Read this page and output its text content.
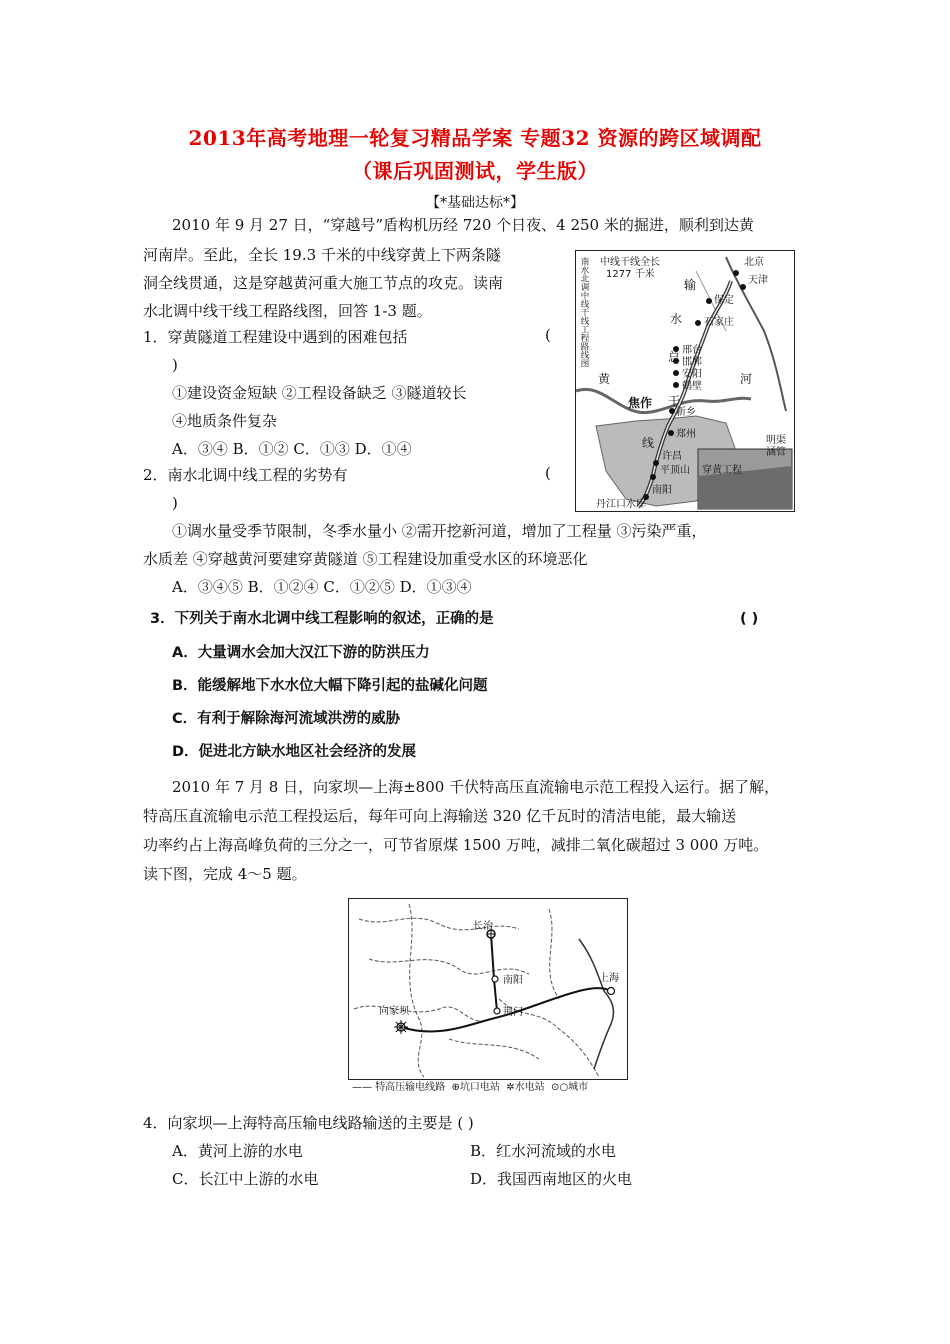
2013年高考地理一轮复习精品学案 专题32 资源的跨区域调配
（课后巩固测试，学生版）
【*基础达标*】
2010 年 9 月 27 日，“穿越号”盾构机历经 720 个日夜、4 250 米的掘进，顺利到达黄
河南岸。至此，全长 19.3 千米的中线穿黄上下两条隧
洞全线贯通，这是穿越黄河重大施工节点的攻克。读南
水北调中线干线工程路线图，回答 1-3 题。
1．穿黄隧道工程建设中遇到的困难包括	(
)
①建设资金短缺 ②工程设备缺乏 ③隧道较长
④地质条件复杂
A．③④ B．①② C．①③ D．①④
2．南水北调中线工程的劣势有	(
)
①调水量受季节限制，冬季水量小 ②需开挖新河道，增加了工程量 ③污染严重，
水质差 ④穿越黄河要建穿黄隧道 ⑤工程建设加重受水区的环境恶化
A．③④⑤ B．①②④ C．①②⑤ D．①③④
南水北调中线干线工程路线图 中线干线全长
1277 千米
北京
天津
保定
石家庄
邢台
邯郸
安阳
鹤壁
新乡
焦作
郑州
许昌
平顶山
南阳
丹江口水库
输
水
总
干
线
黄	河
明渠
涵管
穿黄工程
3．下列关于南水北调中线工程影响的叙述，正确的是	( )
A．大量调水会加大汉江下游的防洪压力
B．能缓解地下水水位大幅下降引起的盐碱化问题
C．有利于解除海河流域洪涝的威胁
D．促进北方缺水地区社会经济的发展
2010 年 7 月 8 日，向家坝—上海±800 千伏特高压直流输电示范工程投入运行。据了解，
特高压直流输电示范工程投运后，每年可向上海输送 320 亿千瓦时的清洁电能，最大输送
功率约占上海高峰负荷的三分之一，可节省原煤 1500 万吨，减排二氧化碳超过 3 000 万吨。
读下图，完成 4～5 题。
长治
南阳
荆门
向家坝
上海
—— 特高压输电线路 ⊕坑口电站 ✲水电站 ⊙○城市
4．向家坝—上海特高压输电线路输送的主要是 ( )
A．黄河上游的水电	B．红水河流域的水电
C．长江中上游的水电	D．我国西南地区的火电
